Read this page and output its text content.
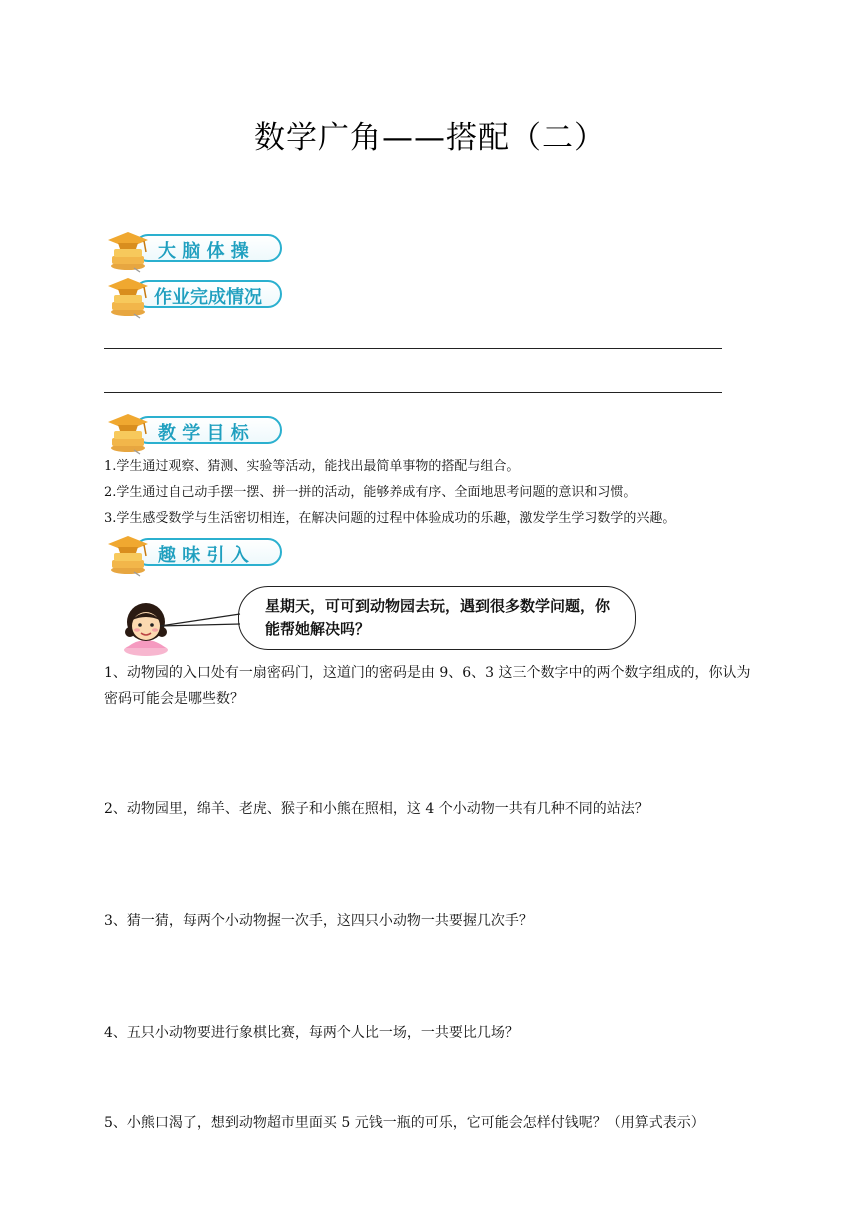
数学广角——搭配（二）
大 脑 体 操
作业完成情况
教 学 目 标
1.学生通过观察、猜测、实验等活动，能找出最简单事物的搭配与组合。
2.学生通过自己动手摆一摆、拼一拼的活动，能够养成有序、全面地思考问题的意识和习惯。
3.学生感受数学与生活密切相连，在解决问题的过程中体验成功的乐趣，激发学生学习数学的兴趣。
趣 味 引 入
星期天，可可到动物园去玩，遇到很多数学问题，你能帮她解决吗？
1、动物园的入口处有一扇密码门，这道门的密码是由 9、6、3 这三个数字中的两个数字组成的，你认为密码可能会是哪些数？
2、动物园里，绵羊、老虎、猴子和小熊在照相，这 4 个小动物一共有几种不同的站法？
3、猜一猜，每两个小动物握一次手，这四只小动物一共要握几次手？
4、五只小动物要进行象棋比赛，每两个人比一场，一共要比几场？
5、小熊口渴了，想到动物超市里面买 5 元钱一瓶的可乐，它可能会怎样付钱呢？（用算式表示）
